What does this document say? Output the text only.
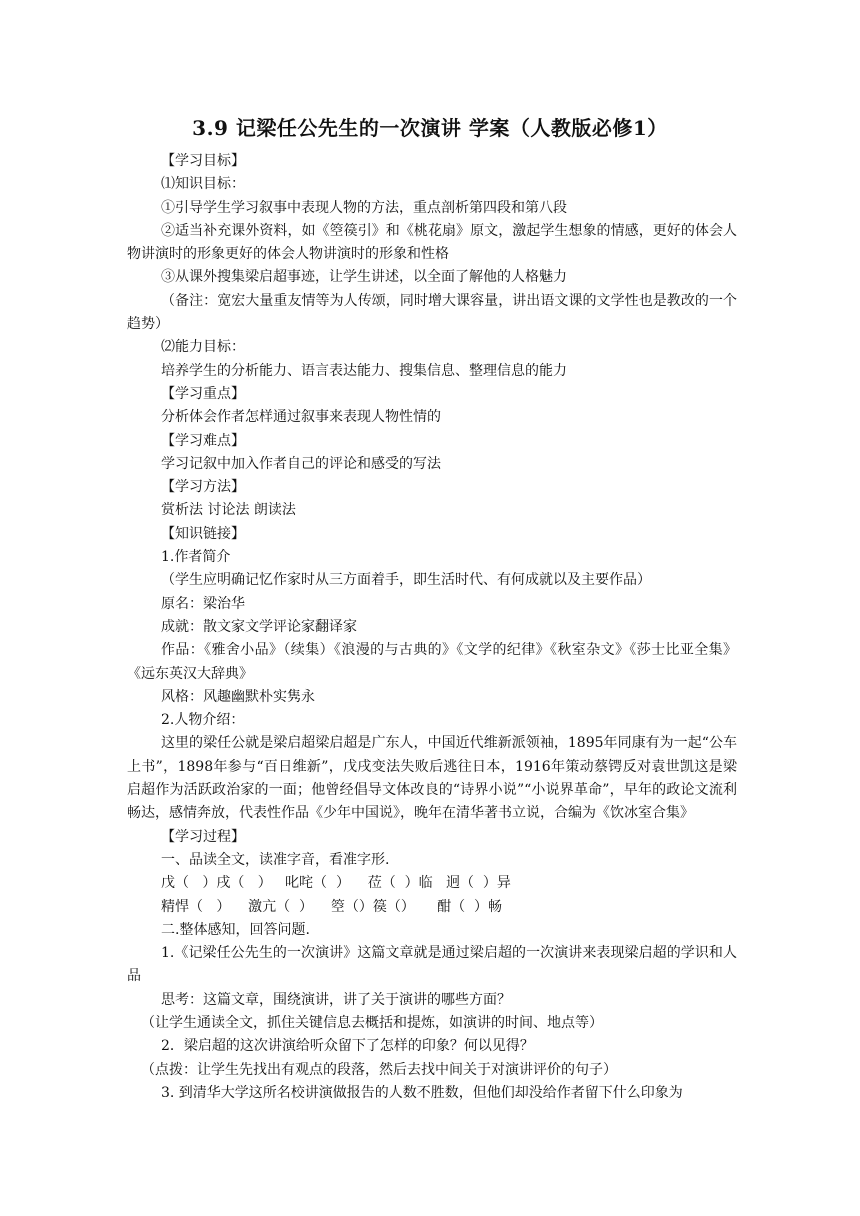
3.9 记梁任公先生的一次演讲 学案（人教版必修1）

【学习目标】

⑴知识目标：

①引导学生学习叙事中表现人物的方法，重点剖析第四段和第八段

②适当补充课外资料，如《箜篌引》和《桃花扇》原文，激起学生想象的情感，更好的体会人物讲演时的形象更好的体会人物讲演时的形象和性格

③从课外搜集梁启超事迹，让学生讲述，以全面了解他的人格魅力

（备注：宽宏大量重友情等为人传颂，同时增大课容量，讲出语文课的文学性也是教改的一个趋势）

⑵能力目标：

培养学生的分析能力、语言表达能力、搜集信息、整理信息的能力

【学习重点】

分析体会作者怎样通过叙事来表现人物性情的

【学习难点】

学习记叙中加入作者自己的评论和感受的写法

【学习方法】

赏析法 讨论法 朗读法

【知识链接】

1.作者简介

（学生应明确记忆作家时从三方面着手，即生活时代、有何成就以及主要作品）

原名：梁治华

成就：散文家文学评论家翻译家

作品：《雅舍小品》（续集）《浪漫的与古典的》《文学的纪律》《秋室杂文》《莎士比亚全集》《远东英汉大辞典》

风格：风趣幽默朴实隽永

2.人物介绍：

这里的梁任公就是梁启超梁启超是广东人，中国近代维新派领袖，1895年同康有为一起“公车上书”，1898年参与“百日维新”，戊戌变法失败后逃往日本，1916年策动蔡锷反对袁世凯这是梁启超作为活跃政治家的一面；他曾经倡导文体改良的“诗界小说”“小说界革命”，早年的政论文流利畅达，感情奔放，代表性作品《少年中国说》，晚年在清华著书立说，合编为《饮冰室合集》

【学习过程】

一、品读全文，读准字音，看准字形.

戊（   ）戌（   ）   叱咤（  ）    莅（  ）临   迥（  ）异

精悍（   ）    激亢（  ）    箜（）篌（）     酣（  ）畅

二.整体感知，回答问题.

1.《记梁任公先生的一次演讲》这篇文章就是通过梁启超的一次演讲来表现梁启超的学识和人品

思考：这篇文章，围绕演讲，讲了关于演讲的哪些方面？

（让学生通读全文，抓住关键信息去概括和提炼，如演讲的时间、地点等）

2．梁启超的这次讲演给听众留下了怎样的印象？何以见得？

（点拨：让学生先找出有观点的段落，然后去找中间关于对演讲评价的句子）

3. 到清华大学这所名校讲演做报告的人数不胜数，但他们却没给作者留下什么印象为
